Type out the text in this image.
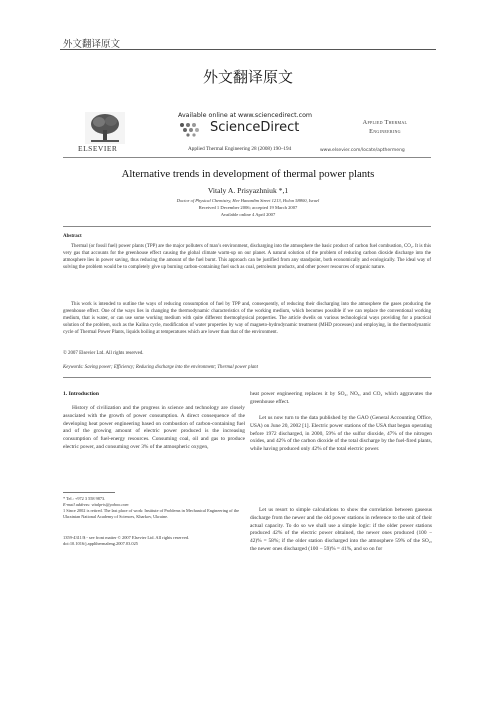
外文翻译原文
外文翻译原文
ELSEVIER
Available online at www.sciencedirect.com
ScienceDirect
Applied Thermal Engineering 28 (2008) 190–194
Applied Thermal
Engineering
www.elsevier.com/locate/apthermeng
Alternative trends in development of thermal power plants
Vitaly A. Prisyazhniuk *,1
Doctor of Physical Chemistry, Hee Hanardim Street 1213, Holon 58800, Israel
Received 1 December 2006; accepted 19 March 2007
Available online 4 April 2007
Abstract
Thermal (or fossil fuel) power plants (TPP) are the major polluters of man’s environment, discharging into the atmosphere the basic product of carbon fuel combustion, CO₂. It is this very gas that accounts for the greenhouse effect causing the global climate warm-up on our planet. A natural solution of the problem of reducing carbon dioxide discharge into the atmosphere lies in power saving, thus reducing the amount of the fuel burnt. This approach can be justified from any standpoint, both economically and ecologically. The ideal way of solving the problem would be to completely give up burning carbon-containing fuel such as coal, petroleum products, and other power resources of organic nature.
This work is intended to outline the ways of reducing consumption of fuel by TPP and, consequently, of reducing their discharging into the atmosphere the gases producing the greenhouse effect. One of the ways lies in changing the thermodynamic characteristics of the working medium, which becomes possible if we can replace the conventional working medium, that is water, or can use some working medium with quite different thermophysical properties. The article dwells on various technological ways providing for a practical solution of the problem, such as the Kalina cycle, modification of water properties by way of magneto-hydrodynamic treatment (MHD processes) and employing, in the thermodynamic cycle of Thermal Power Plants, liquids boiling at temperatures which are lower than that of the environment.
© 2007 Elsevier Ltd. All rights reserved.
Keywords: Saving power; Efficiency; Reducing discharge into the environment; Thermal power plant
1. Introduction
History of civilization and the progress in science and technology are closely associated with the growth of power consumption. A direct consequence of the developing heat power engineering based on combustion of carbon-containing fuel and of the growing amount of electric power produced is the increasing consumption of fuel-energy resources. Consuming coal, oil and gas to produce electric power, and consuming over 3% of the atmospheric oxygen,
* Tel.: +972 3 558 9873.
E-mail address: vitalpris@yahoo.com
1 Since 2002 is retired. The last place of work: Institute of Problems in Mechanical Engineering of the Ukrainian National Academy of Sciences, Kharkov, Ukraine.
1359-4311/$ - see front matter © 2007 Elsevier Ltd. All rights reserved.
doi:10.1016/j.applthermaleng.2007.03.025
heat power engineering replaces it by SO₂, NOₓ, and CO₂ which aggravates the greenhouse effect.
Let us now turn to the data published by the GAO (General Accounting Office, USA) on June 20, 2002 [1]. Electric power stations of the USA that began operating before 1972 discharged, in 2000, 59% of the sulfur dioxide, 47% of the nitrogen oxides, and 42% of the carbon dioxide of the total discharge by the fuel-fired plants, while having produced only 42% of the total electric power.
Let us resort to simple calculations to show the correlation between gaseous discharge from the newer and the old power stations in reference to the unit of their actual capacity. To do so we shall use a simple logic: if the older power stations produced 42% of the electric power obtained, the newer ones produced (100 − 42)% = 58%; if the older station discharged into the atmosphere 59% of the SO₂, the newer ones discharged (100 − 59)% = 41%, and so on for
